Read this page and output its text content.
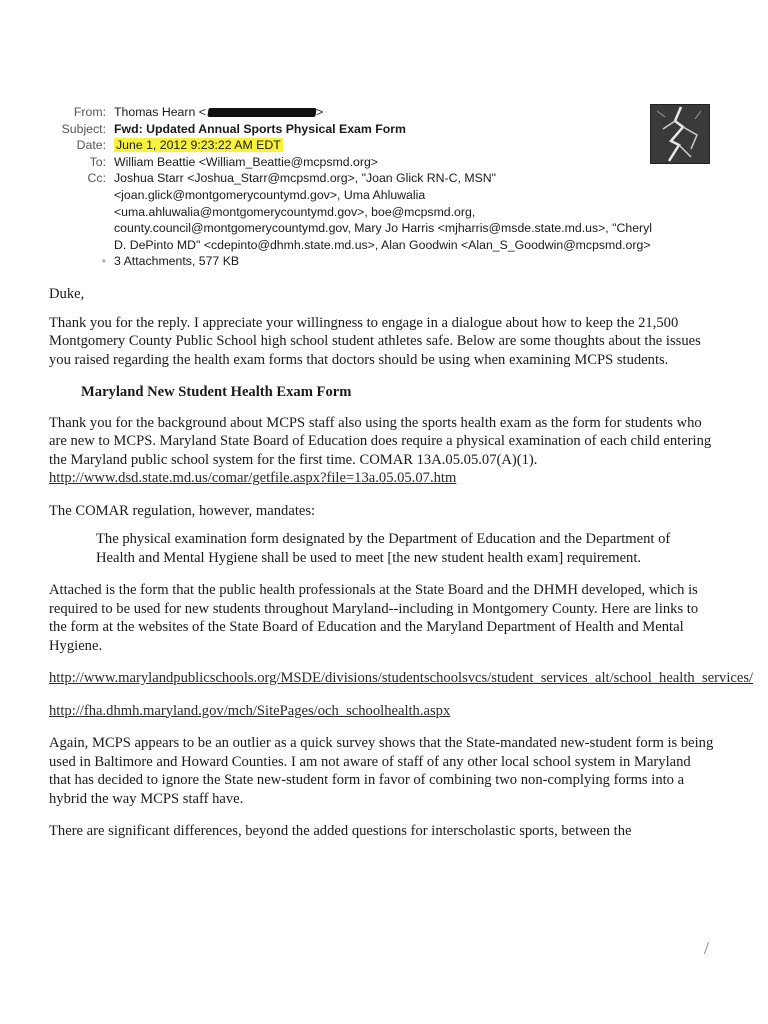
From: Thomas Hearn <	>
Subject: Fwd: Updated Annual Sports Physical Exam Form
Date: June 1, 2012 9:23:22 AM EDT
To: William Beattie <William_Beattie@mcpsmd.org>
Cc: Joshua Starr <Joshua_Starr@mcpsmd.org>, "Joan Glick RN-C, MSN"
<joan.glick@montgomerycountymd.gov>, Uma Ahluwalia
<uma.ahluwalia@montgomerycountymd.gov>, boe@mcpsmd.org,
county.council@montgomerycountymd.gov, Mary Jo Harris <mjharris@msde.state.md.us>, "Cheryl
D. DePinto MD" <cdepinto@dhmh.state.md.us>, Alan Goodwin <Alan_S_Goodwin@mcpsmd.org>
• 3 Attachments, 577 KB

Duke,

Thank you for the reply. I appreciate your willingness to engage in a dialogue about how to keep the 21,500 Montgomery County Public School high school student athletes safe. Below are some thoughts about the issues you raised regarding the health exam forms that doctors should be using when examining MCPS students.

Maryland New Student Health Exam Form

Thank you for the background about MCPS staff also using the sports health exam as the form for students who are new to MCPS. Maryland State Board of Education does require a physical examination of each child entering the Maryland public school system for the first time. COMAR 13A.05.05.07(A)(1). http://www.dsd.state.md.us/comar/getfile.aspx?file=13a.05.05.07.htm

The COMAR regulation, however, mandates:

The physical examination form designated by the Department of Education and the Department of Health and Mental Hygiene shall be used to meet [the new student health exam] requirement.

Attached is the form that the public health professionals at the State Board and the DHMH developed, which is required to be used for new students throughout Maryland--including in Montgomery County. Here are links to the form at the websites of the State Board of Education and the Maryland Department of Health and Mental Hygiene.

http://www.marylandpublicschools.org/MSDE/divisions/studentschoolsvcs/student_services_alt/school_health_services/

http://fha.dhmh.maryland.gov/mch/SitePages/och_schoolhealth.aspx

Again, MCPS appears to be an outlier as a quick survey shows that the State-mandated new-student form is being used in Baltimore and Howard Counties. I am not aware of staff of any other local school system in Maryland that has decided to ignore the State new-student form in favor of combining two non-complying forms into a hybrid the way MCPS staff have.

There are significant differences, beyond the added questions for interscholastic sports, between the

/
